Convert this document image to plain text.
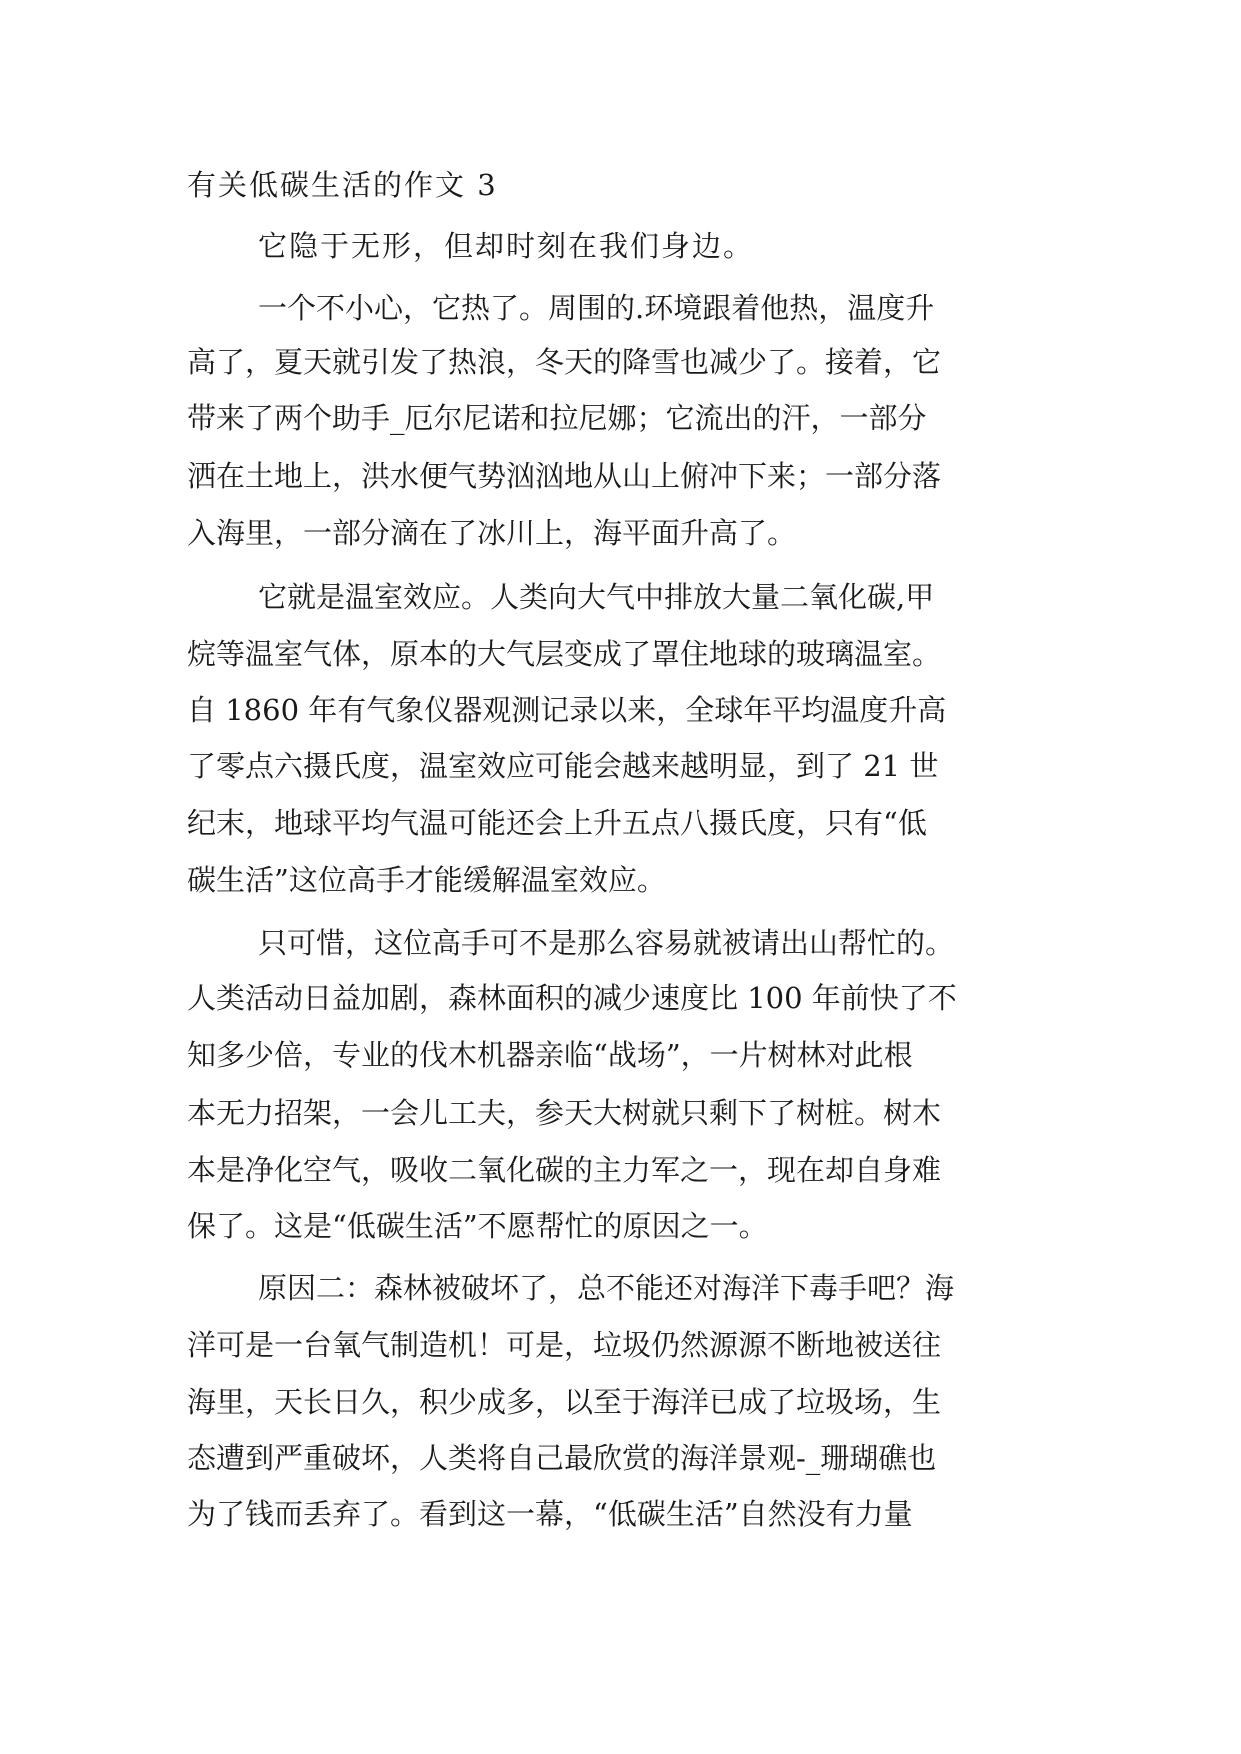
有关低碳生活的作文 3
它隐于无形，但却时刻在我们身边。
一个不小心，它热了。周围的.环境跟着他热，温度升
高了，夏天就引发了热浪，冬天的降雪也减少了。接着，它
带来了两个助手_厄尔尼诺和拉尼娜；它流出的汗，一部分
洒在土地上，洪水便气势汹汹地从山上俯冲下来；一部分落
入海里，一部分滴在了冰川上，海平面升高了。
它就是温室效应。人类向大气中排放大量二氧化碳,甲
烷等温室气体，原本的大气层变成了罩住地球的玻璃温室。
自 1860 年有气象仪器观测记录以来，全球年平均温度升高
了零点六摄氏度，温室效应可能会越来越明显，到了 21 世
纪末，地球平均气温可能还会上升五点八摄氏度，只有“低
碳生活”这位高手才能缓解温室效应。
只可惜，这位高手可不是那么容易就被请出山帮忙的。
人类活动日益加剧，森林面积的减少速度比 100 年前快了不
知多少倍，专业的伐木机器亲临“战场”，一片树林对此根
本无力招架，一会儿工夫，参天大树就只剩下了树桩。树木
本是净化空气，吸收二氧化碳的主力军之一，现在却自身难
保了。这是“低碳生活”不愿帮忙的原因之一。
原因二：森林被破坏了，总不能还对海洋下毒手吧？海
洋可是一台氧气制造机！可是，垃圾仍然源源不断地被送往
海里，天长日久，积少成多，以至于海洋已成了垃圾场，生
态遭到严重破坏，人类将自己最欣赏的海洋景观-_珊瑚礁也
为了钱而丢弃了。看到这一幕，“低碳生活”自然没有力量
